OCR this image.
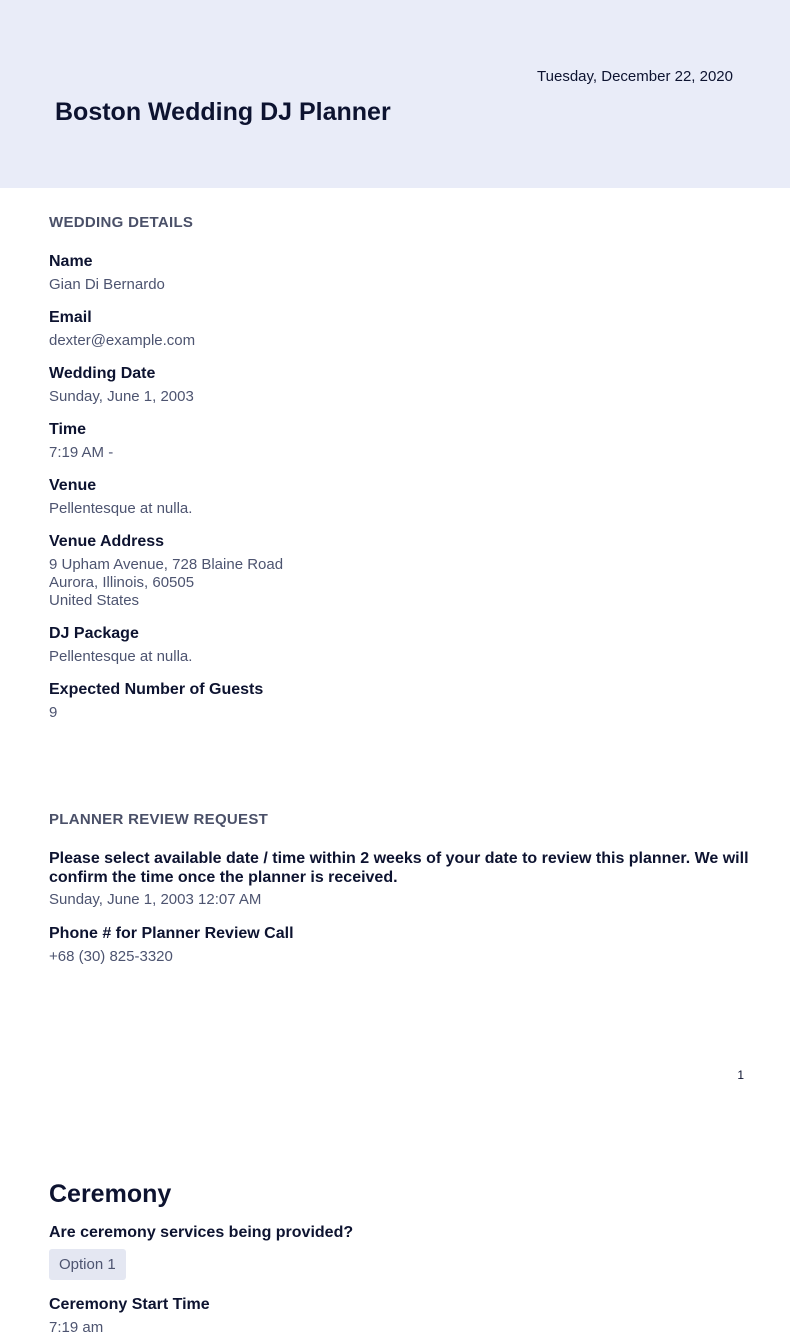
Tuesday, December 22, 2020
Boston Wedding DJ Planner
WEDDING DETAILS
Name
Gian Di Bernardo
Email
dexter@example.com
Wedding Date
Sunday, June 1, 2003
Time
7:19 AM -
Venue
Pellentesque at nulla.
Venue Address
9 Upham Avenue, 728 Blaine Road
Aurora, Illinois, 60505
United States
DJ Package
Pellentesque at nulla.
Expected Number of Guests
9
PLANNER REVIEW REQUEST
Please select available date / time within 2 weeks of your date to review this planner. We will confirm the time once the planner is received.
Sunday, June 1, 2003 12:07 AM
Phone # for Planner Review Call
+68 (30) 825-3320
1
Ceremony
Are ceremony services being provided?
Option 1
Ceremony Start Time
7:19 am
